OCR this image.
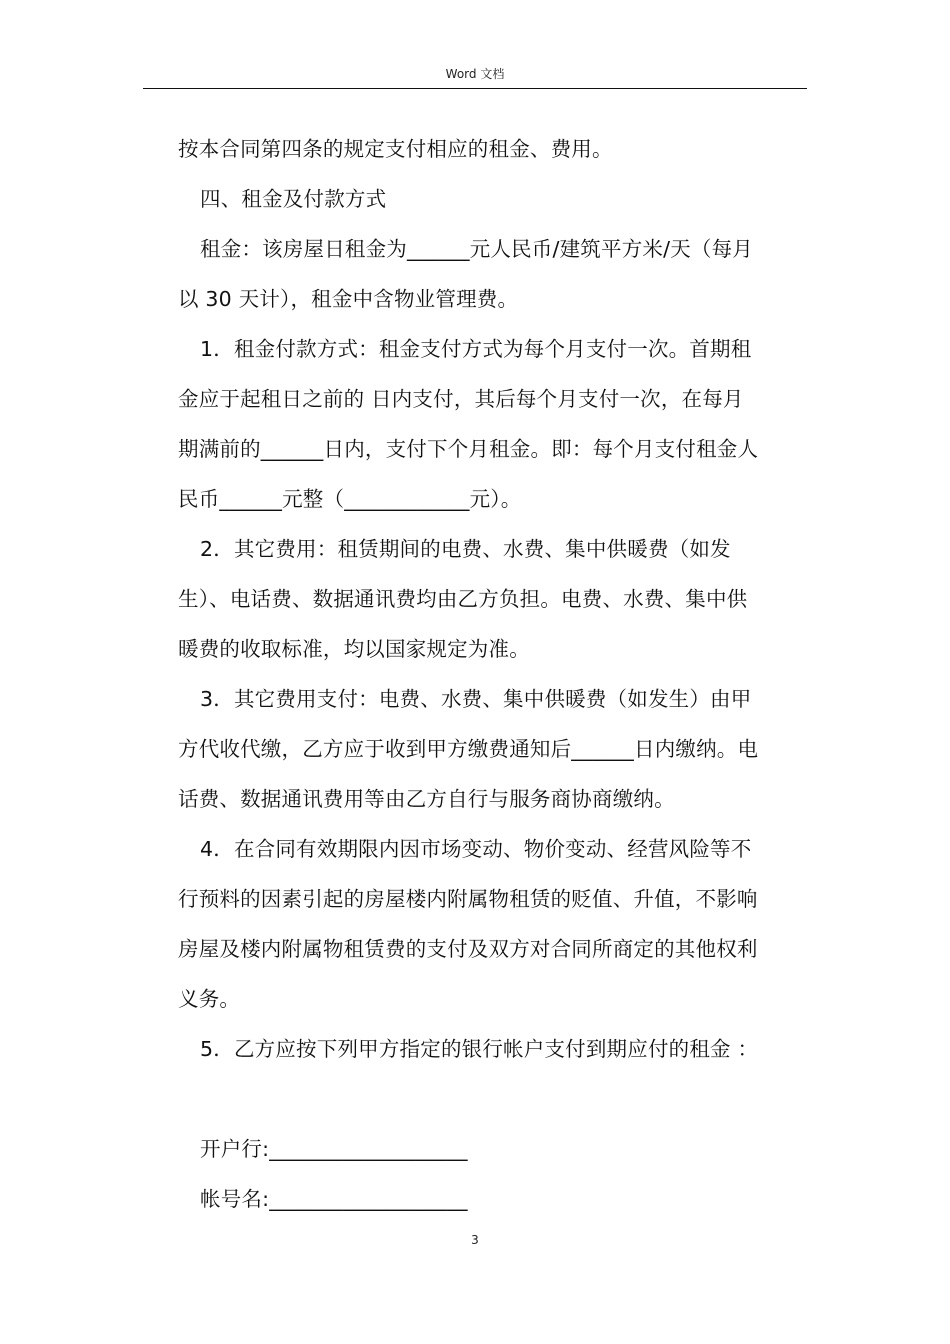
Word 文档

按本合同第四条的规定支付相应的租金、费用。

四、租金及付款方式

租金：该房屋日租金为______元人民币/建筑平方米/天（每月

以 30 天计），租金中含物业管理费。

1．租金付款方式：租金支付方式为每个月支付一次。首期租

金应于起租日之前的 日内支付，其后每个月支付一次，在每月

期满前的______日内，支付下个月租金。即：每个月支付租金人

民币______元整（____________元）。

2．其它费用：租赁期间的电费、水费、集中供暖费（如发

生）、电话费、数据通讯费均由乙方负担。电费、水费、集中供

暖费的收取标准，均以国家规定为准。

3．其它费用支付：电费、水费、集中供暖费（如发生）由甲

方代收代缴，乙方应于收到甲方缴费通知后______日内缴纳。电

话费、数据通讯费用等由乙方自行与服务商协商缴纳。

4．在合同有效期限内因市场变动、物价变动、经营风险等不

行预料的因素引起的房屋楼内附属物租赁的贬值、升值，不影响

房屋及楼内附属物租赁费的支付及双方对合同所商定的其他权利

义务。

5．乙方应按下列甲方指定的银行帐户支付到期应付的租金 ：

开户行:___________________

帐号名:___________________

3
